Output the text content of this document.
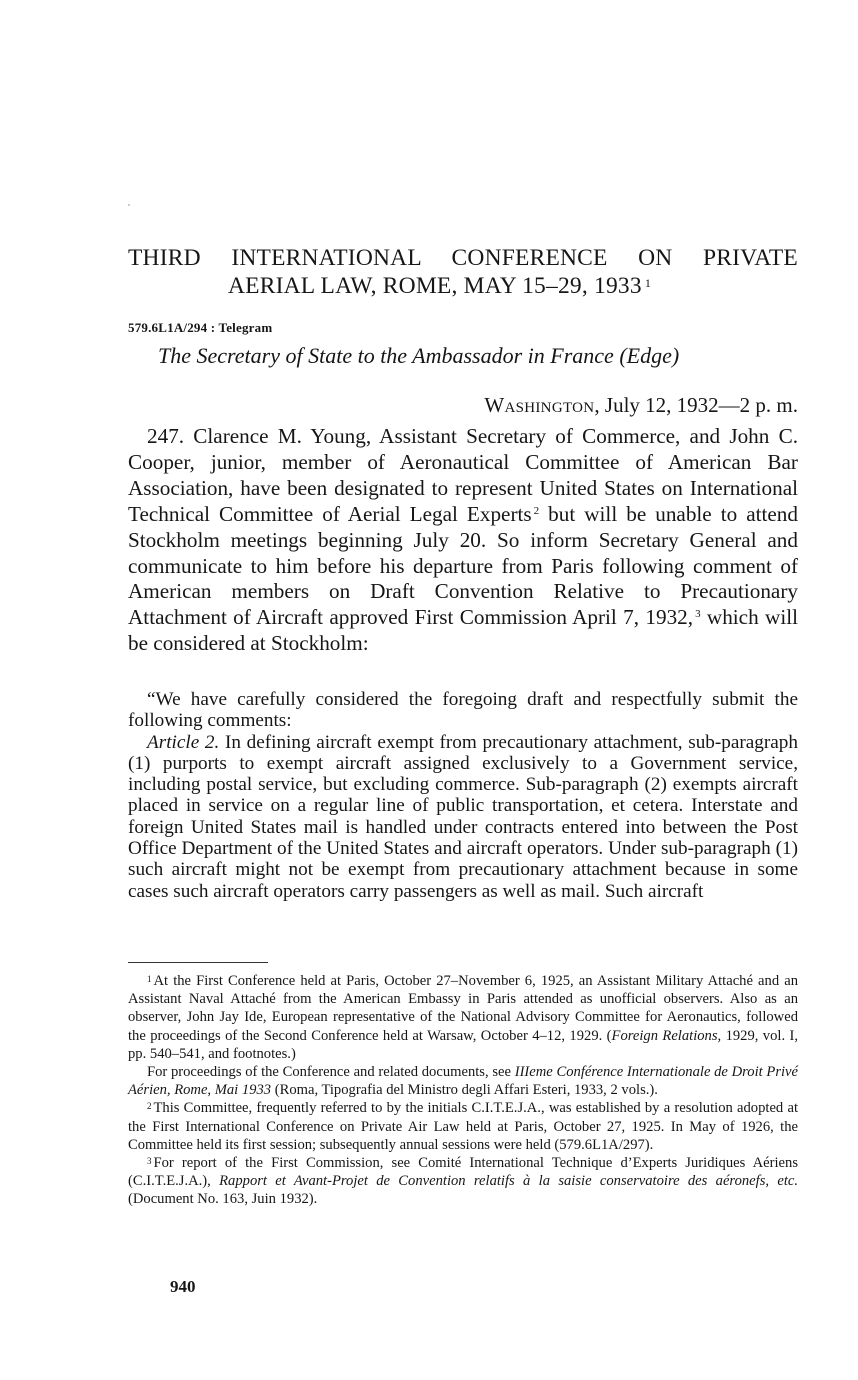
THIRD INTERNATIONAL CONFERENCE ON PRIVATE
AERIAL LAW, ROME, MAY 15–29, 1933 $^1$
579.6L1A/294 : Telegram
The Secretary of State to the Ambassador in France (Edge)
Washington, July 12, 1932—2 p. m.

247. Clarence M. Young, Assistant Secretary of Commerce, and John C. Cooper, junior, member of Aeronautical Committee of American Bar Association, have been designated to represent United States on International Technical Committee of Aerial Legal Experts $^2$ but will be unable to attend Stockholm meetings beginning July 20. So inform Secretary General and communicate to him before his departure from Paris following comment of American members on Draft Convention Relative to Precautionary Attachment of Aircraft approved First Commission April 7, 1932, $^3$ which will be considered at Stockholm:

“We have carefully considered the foregoing draft and respectfully submit the following comments:

Article 2. In defining aircraft exempt from precautionary attachment, sub-paragraph (1) purports to exempt aircraft assigned exclusively to a Government service, including postal service, but excluding commerce. Sub-paragraph (2) exempts aircraft placed in service on a regular line of public transportation, et cetera. Interstate and foreign United States mail is handled under contracts entered into between the Post Office Department of the United States and aircraft operators. Under sub-paragraph (1) such aircraft might not be exempt from precautionary attachment because in some cases such aircraft operators carry passengers as well as mail. Such aircraft

$^1$ At the First Conference held at Paris, October 27–November 6, 1925, an Assistant Military Attaché and an Assistant Naval Attaché from the American Embassy in Paris attended as unofficial observers. Also as an observer, John Jay Ide, European representative of the National Advisory Committee for Aeronautics, followed the proceedings of the Second Conference held at Warsaw, October 4–12, 1929. (Foreign Relations, 1929, vol. I, pp. 540–541, and footnotes.)

For proceedings of the Conference and related documents, see IIIeme Conférence Internationale de Droit Privé Aérien, Rome, Mai 1933 (Roma, Tipografia del Ministro degli Affari Esteri, 1933, 2 vols.).

$^2$ This Committee, frequently referred to by the initials C.I.T.E.J.A., was established by a resolution adopted at the First International Conference on Private Air Law held at Paris, October 27, 1925. In May of 1926, the Committee held its first session; subsequently annual sessions were held (579.6L1A/297).

$^3$ For report of the First Commission, see Comité International Technique d’Experts Juridiques Aériens (C.I.T.E.J.A.), Rapport et Avant-Projet de Convention relatifs à la saisie conservatoire des aéronefs, etc. (Document No. 163, Juin 1932).

940
